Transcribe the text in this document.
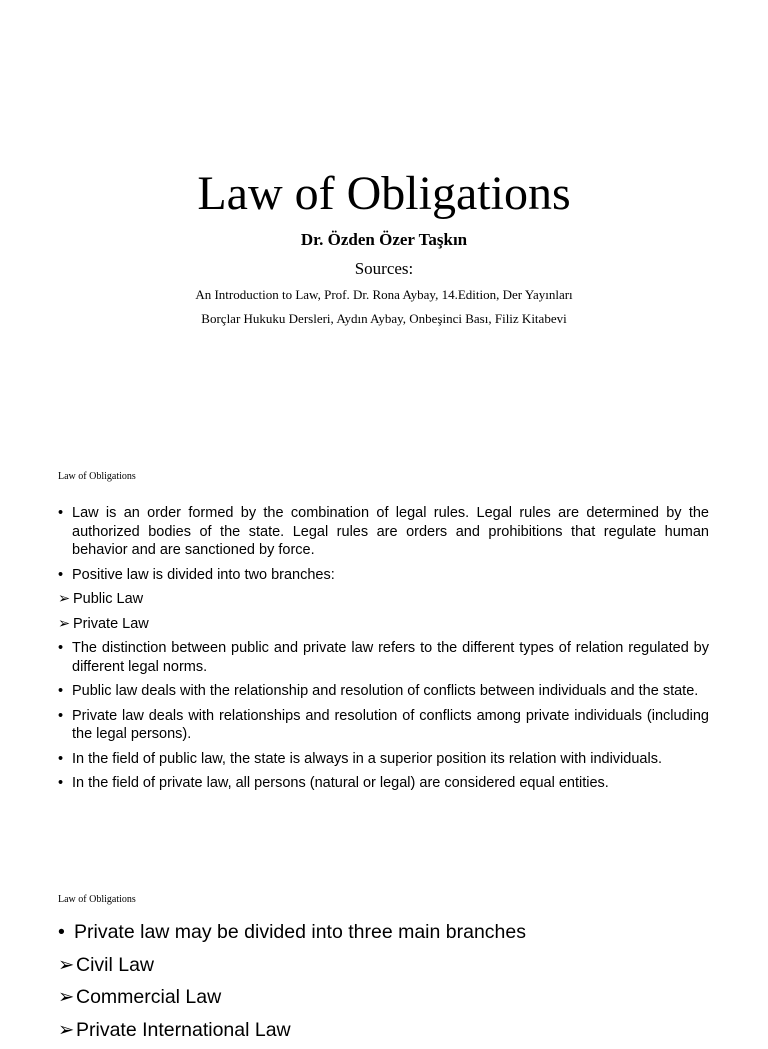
Law of Obligations
Dr. Özden Özer Taşkın
Sources:
An Introduction to Law, Prof. Dr. Rona Aybay, 14.Edition, Der Yayınları
Borçlar Hukuku Dersleri, Aydın Aybay, Onbeşinci Bası, Filiz Kitabevi
Law of Obligations
• Law is an order formed by the combination of legal rules. Legal rules are determined by the authorized bodies of the state. Legal rules are orders and prohibitions that regulate human behavior and are sanctioned by force.
• Positive law is divided into two branches:
➢ Public Law
➢ Private Law
• The distinction between public and private law refers to the different types of relation regulated by different legal norms.
• Public law deals with the relationship and resolution of conflicts between individuals and the state.
• Private law deals with relationships and resolution of conflicts among private individuals (including the legal persons).
• In the field of public law, the state is always in a superior position its relation with individuals.
• In the field of private law, all persons (natural or legal) are considered equal entities.
Law of Obligations
• Private law may be divided into three main branches
➢ Civil Law
➢ Commercial Law
➢ Private International Law
